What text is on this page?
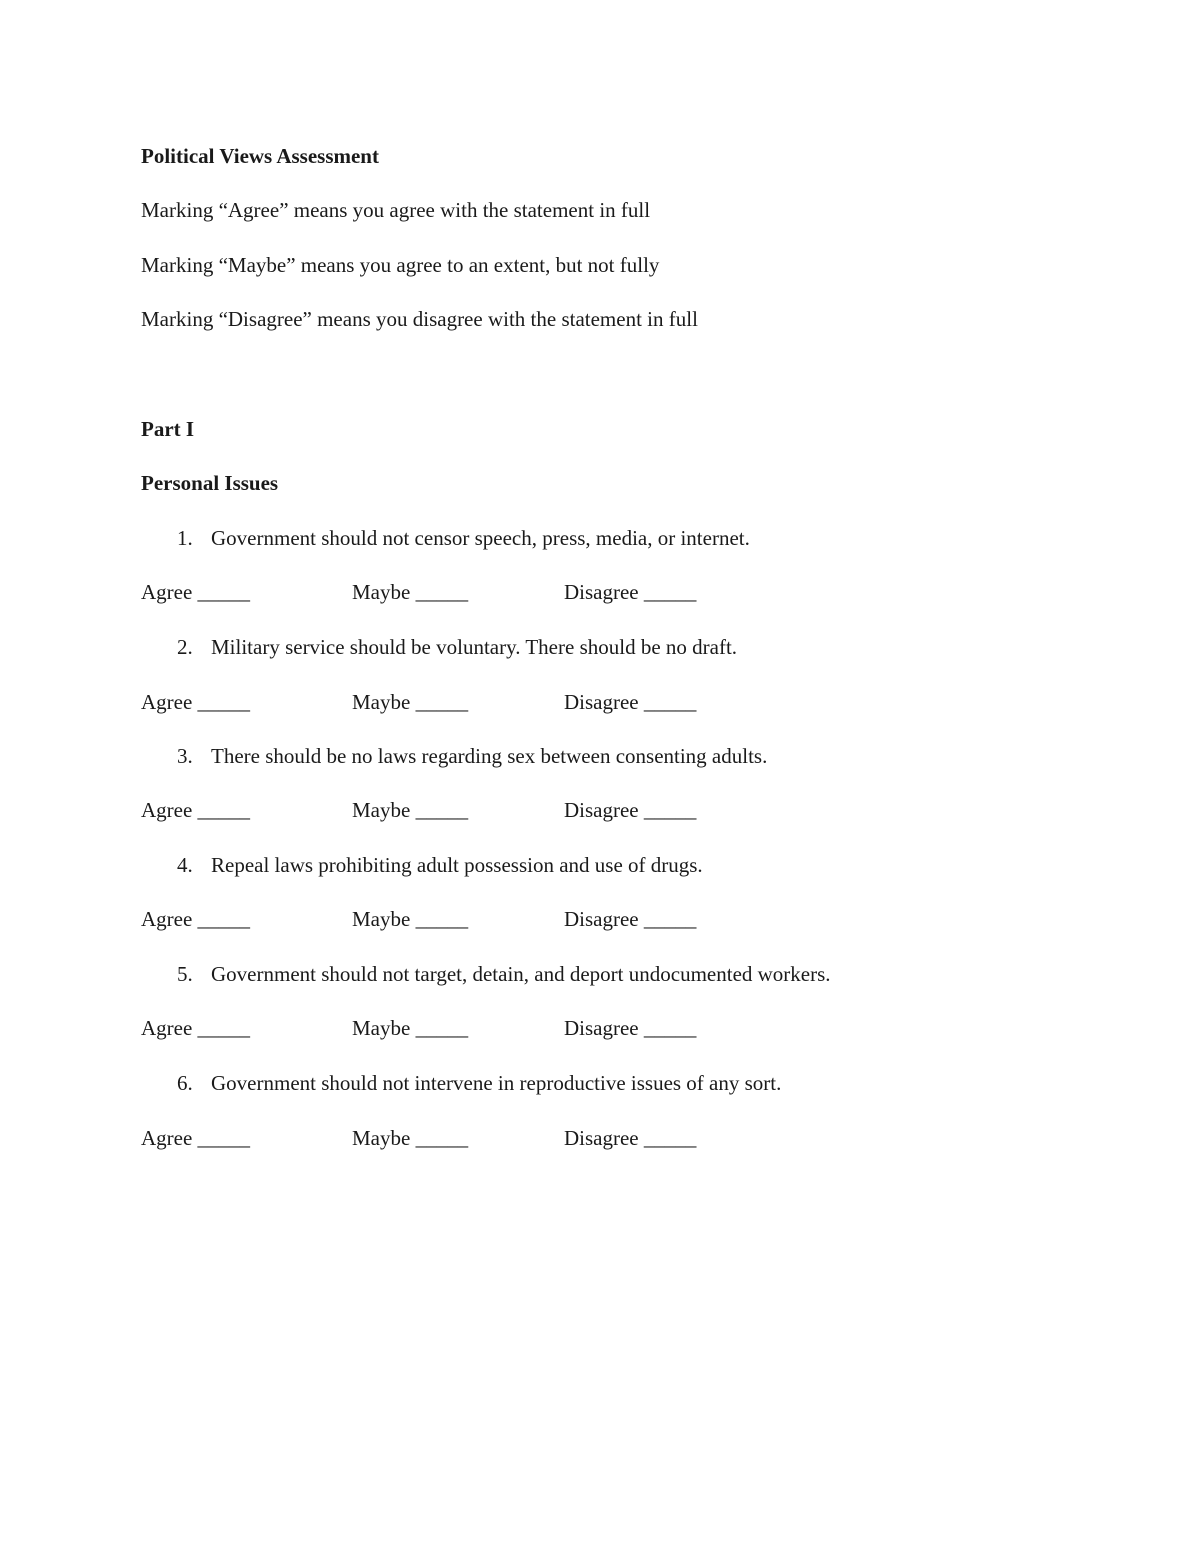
Political Views Assessment
Marking “Agree” means you agree with the statement in full
Marking “Maybe” means you agree to an extent, but not fully
Marking “Disagree” means you disagree with the statement in full
Part I
Personal Issues
1. Government should not censor speech, press, media, or internet.
Agree _____	Maybe _____	Disagree _____
2. Military service should be voluntary. There should be no draft.
Agree _____	Maybe _____	Disagree _____
3. There should be no laws regarding sex between consenting adults.
Agree _____	Maybe _____	Disagree _____
4. Repeal laws prohibiting adult possession and use of drugs.
Agree _____	Maybe _____	Disagree _____
5. Government should not target, detain, and deport undocumented workers.
Agree _____	Maybe _____	Disagree _____
6. Government should not intervene in reproductive issues of any sort.
Agree _____	Maybe _____	Disagree _____
